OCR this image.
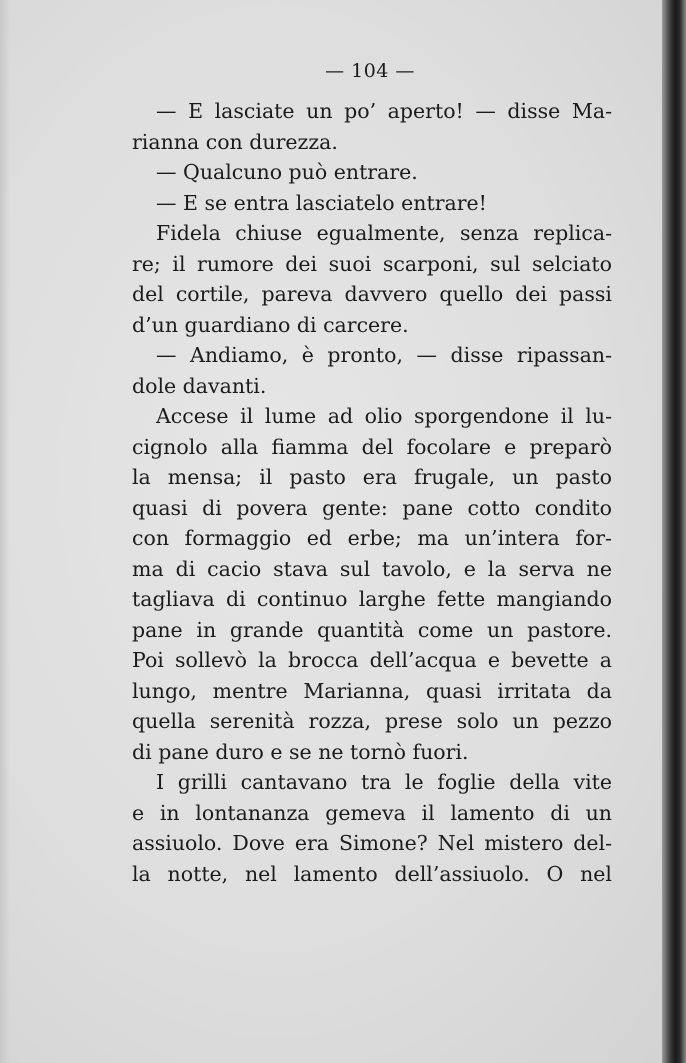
— 104 —
— E lasciate un po’ aperto! — disse Ma-
rianna con durezza.
— Qualcuno può entrare.
— E se entra lasciatelo entrare!
Fidela chiuse egualmente, senza replica-
re; il rumore dei suoi scarponi, sul selciato
del cortile, pareva davvero quello dei passi
d’un guardiano di carcere.
— Andiamo, è pronto, — disse ripassan-
dole davanti.
Accese il lume ad olio sporgendone il lu-
cignolo alla fiamma del focolare e preparò
la mensa; il pasto era frugale, un pasto
quasi di povera gente: pane cotto condito
con formaggio ed erbe; ma un’intera for-
ma di cacio stava sul tavolo, e la serva ne
tagliava di continuo larghe fette mangiando
pane in grande quantità come un pastore.
Poi sollevò la brocca dell’acqua e bevette a
lungo, mentre Marianna, quasi irritata da
quella serenità rozza, prese solo un pezzo
di pane duro e se ne tornò fuori.
I grilli cantavano tra le foglie della vite
e in lontananza gemeva il lamento di un
assiuolo. Dove era Simone? Nel mistero del-
la notte, nel lamento dell’assiuolo. O nel
